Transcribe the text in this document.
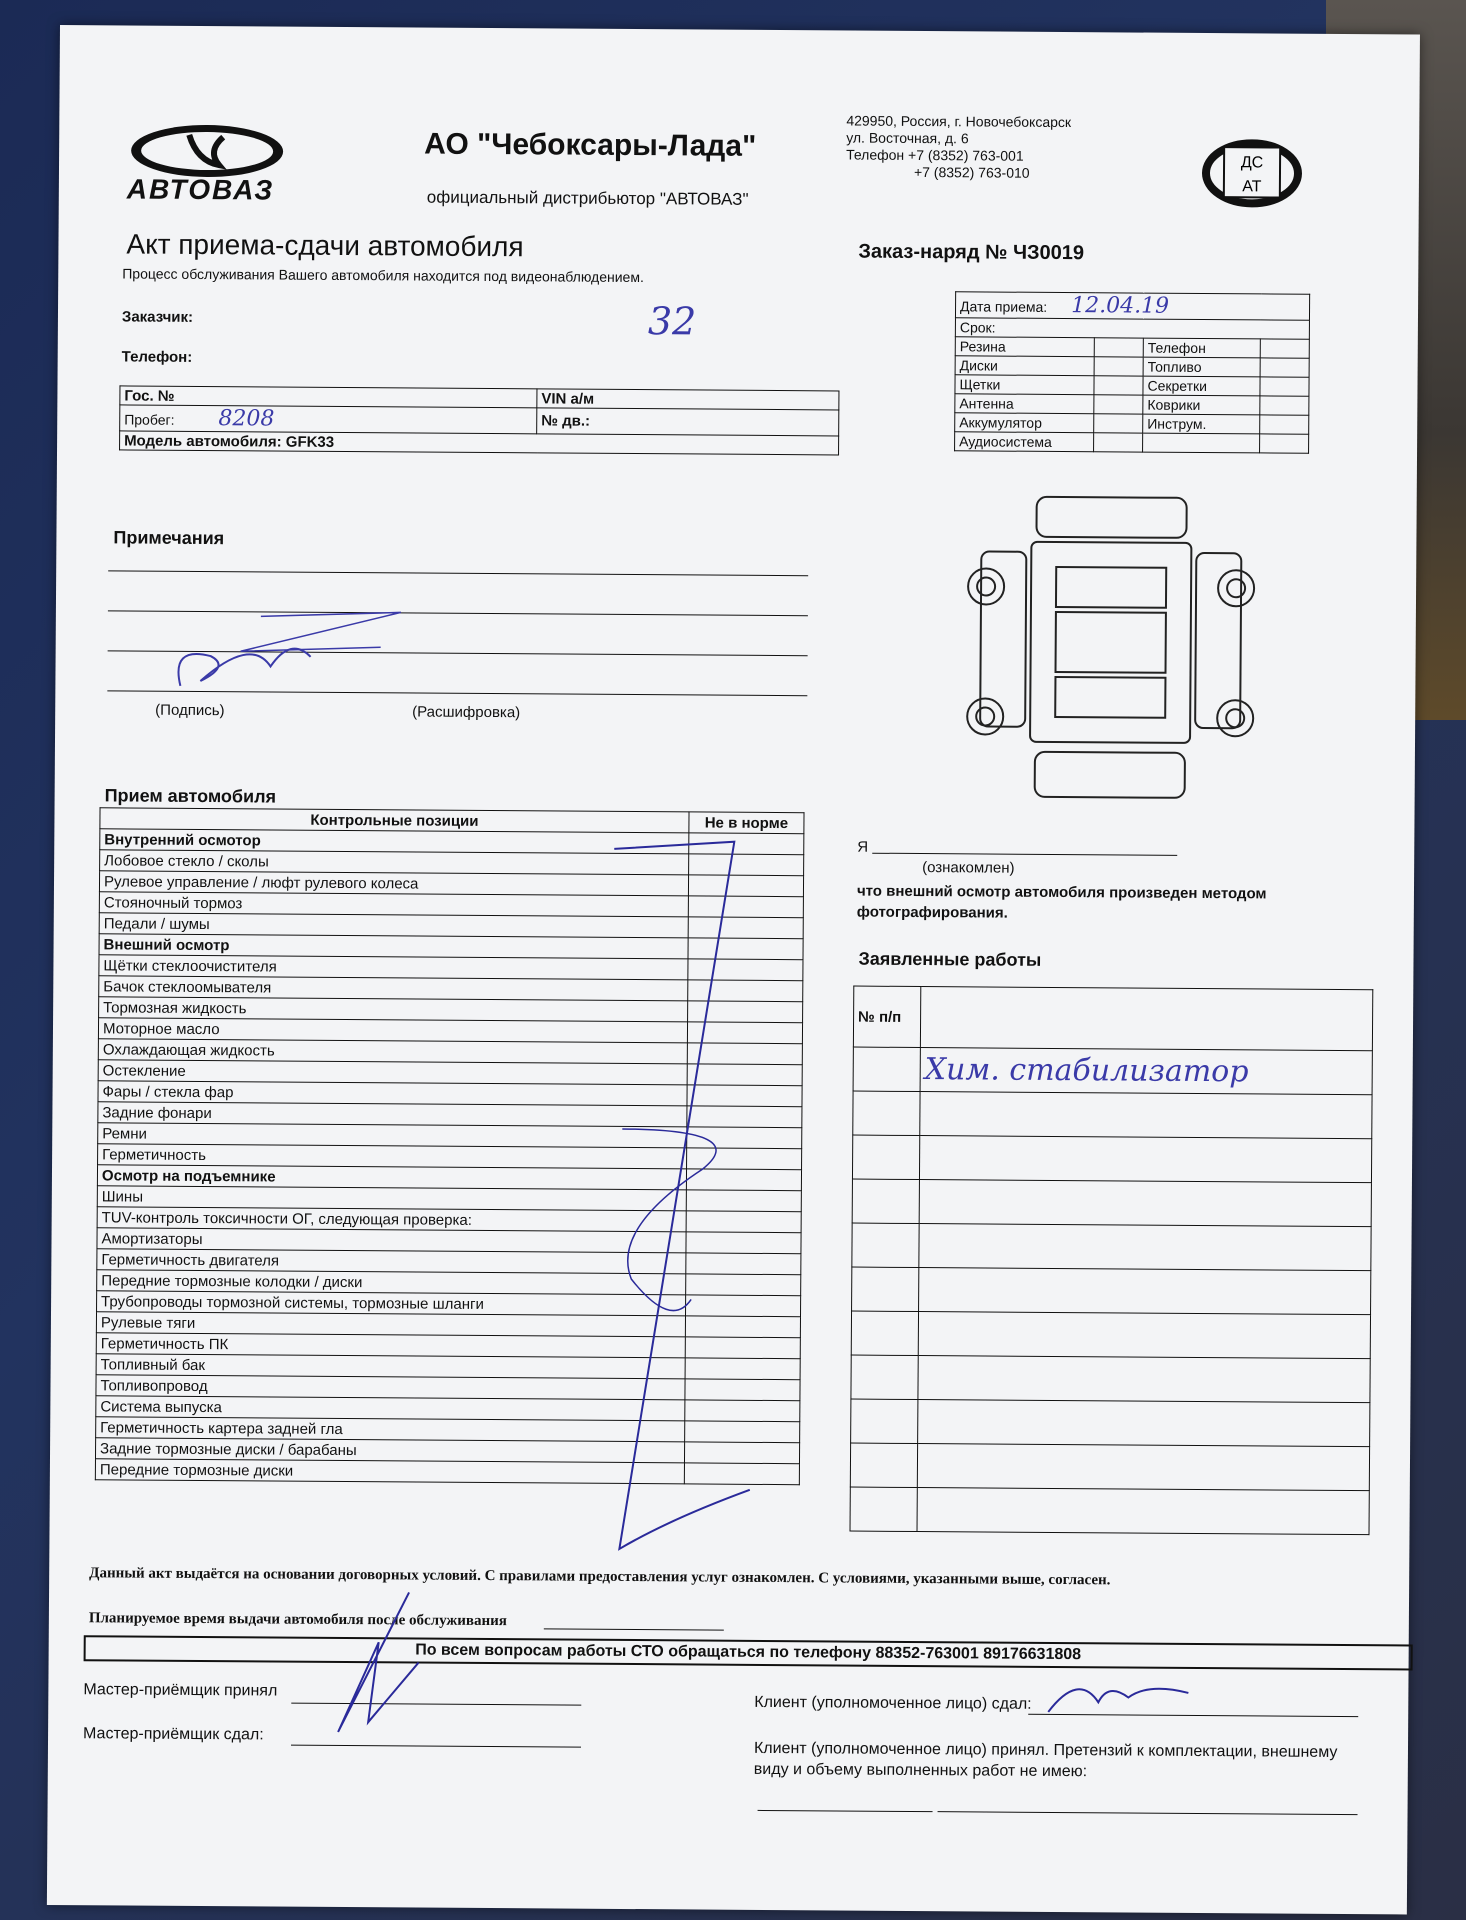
АВТОВАЗ
АО "Чебоксары-Лада"
официальный дистрибьютор "АВТОВАЗ"
429950, Россия, г. Новочебоксарск
ул. Восточная, д. 6
Телефон +7 (8352) 763-001
+7 (8352) 763-010
ДС
АТ
Акт приема-сдачи автомобиля
Процесс обслуживания Вашего автомобиля находится под видеонаблюдением.
Заказ-наряд № ЧЗ0019
Заказчик:	32
Телефон:
Гос. №	VIN а/м
Пробег: 8208	№ дв.:
Модель автомобиля: GFK33	
Дата приема: 12.04.19			
Срок:			
Резина		Телефон	
Диски		Топливо	
Щетки		Секретки	
Антенна		Коврики	
Аккумулятор		Инструм.	
Аудиосистема			
Примечания
(Подпись)	(Расшифровка)
Прием автомобиля
Контрольные позиции	Не в норме
Внутренний осмотор	
Лобовое стекло / сколы	
Рулевое управление / люфт рулевого колеса	
Стояночный тормоз	
Педали / шумы	
Внешний осмотр	
Щётки стеклоочистителя	
Бачок стеклоомывателя	
Тормозная жидкость	
Моторное масло	
Охлаждающая жидкость	
Остекление	
Фары / стекла фар	
Задние фонари	
Ремни	
Герметичность	
Осмотр на подъемнике	
Шины	
TUV-контроль токсичности ОГ, следующая проверка:	
Амортизаторы	
Герметичность двигателя	
Передние тормозные колодки / диски	
Трубопроводы тормозной системы, тормозные шланги	
Рулевые тяги	
Герметичность ПК	
Топливный бак	
Топливопровод	
Система выпуска	
Герметичность картера задней гла	
Задние тормозные диски / барабаны	
Передние тормозные диски	
Я
(ознакомлен)
что внешний осмотр автомобиля произведен методом фотографирования.
Заявленные работы
№ п/п	
	Хим. стабилизатор

Данный акт выдаётся на основании договорных условий. С правилами предоставления услуг ознакомлен. С условиями, указанными выше, согласен.
Планируемое время выдачи автомобиля после обслуживания
По всем вопросам работы СТО обращаться по телефону 88352-763001 89176631808
Мастер-приёмщик принял
Мастер-приёмщик сдал:
Клиент (уполномоченное лицо) сдал:
Клиент (уполномоченное лицо) принял. Претензий к комплектации, внешнему виду и объему выполненных работ не имею:
